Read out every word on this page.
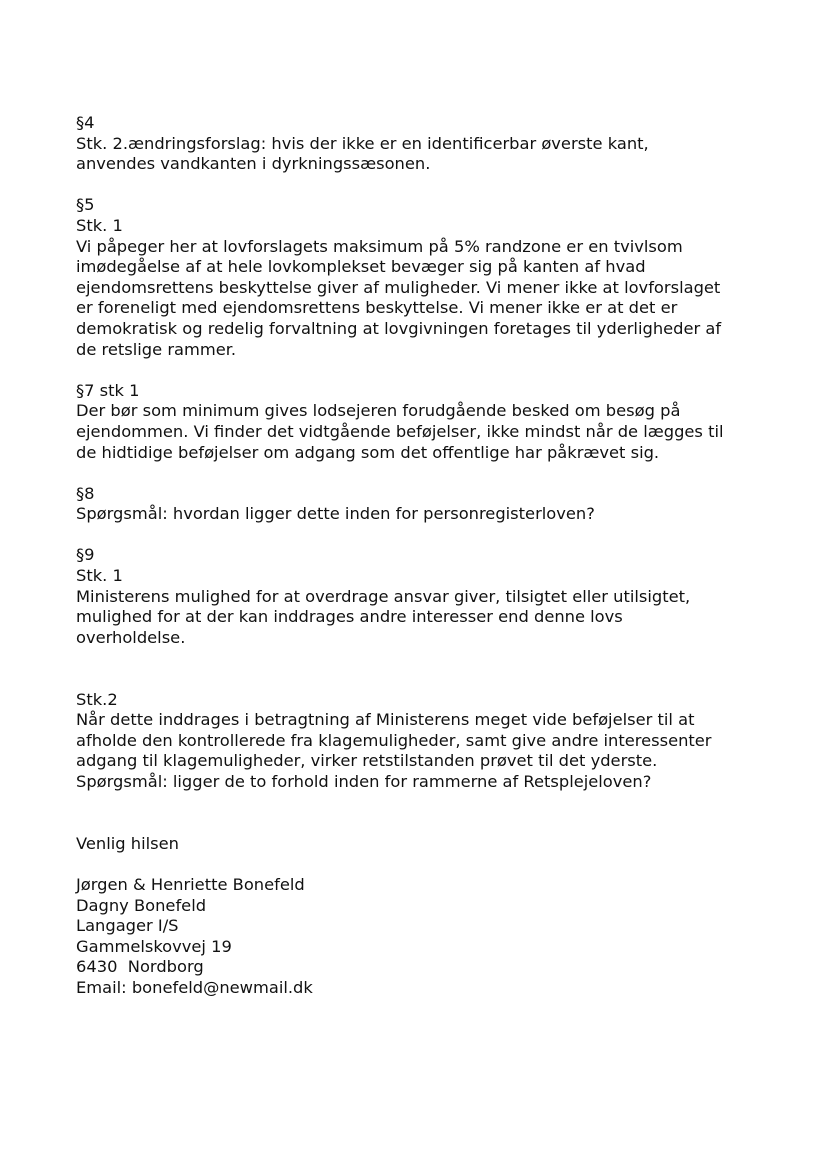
§4
Stk. 2.ændringsforslag: hvis der ikke er en identificerbar øverste kant,
anvendes vandkanten i dyrkningssæsonen.
§5
Stk. 1
Vi påpeger her at lovforslagets maksimum på 5% randzone er en tvivlsom
imødegåelse af at hele lovkomplekset bevæger sig på kanten af hvad
ejendomsrettens beskyttelse giver af muligheder. Vi mener ikke at lovforslaget
er foreneligt med ejendomsrettens beskyttelse. Vi mener ikke er at det er
demokratisk og redelig forvaltning at lovgivningen foretages til yderligheder af
de retslige rammer.
§7 stk 1
Der bør som minimum gives lodsejeren forudgående besked om besøg på
ejendommen. Vi finder det vidtgående beføjelser, ikke mindst når de lægges til
de hidtidige beføjelser om adgang som det offentlige har påkrævet sig.
§8
Spørgsmål: hvordan ligger dette inden for personregisterloven?
§9
Stk. 1
Ministerens mulighed for at overdrage ansvar giver, tilsigtet eller utilsigtet,
mulighed for at der kan inddrages andre interesser end denne lovs
overholdelse.
Stk.2
Når dette inddrages i betragtning af Ministerens meget vide beføjelser til at
afholde den kontrollerede fra klagemuligheder, samt give andre interessenter
adgang til klagemuligheder, virker retstilstanden prøvet til det yderste.
Spørgsmål: ligger de to forhold inden for rammerne af Retsplejeloven?
Venlig hilsen
Jørgen & Henriette Bonefeld
Dagny Bonefeld
Langager I/S
Gammelskovvej 19
6430  Nordborg
Email: bonefeld@newmail.dk
